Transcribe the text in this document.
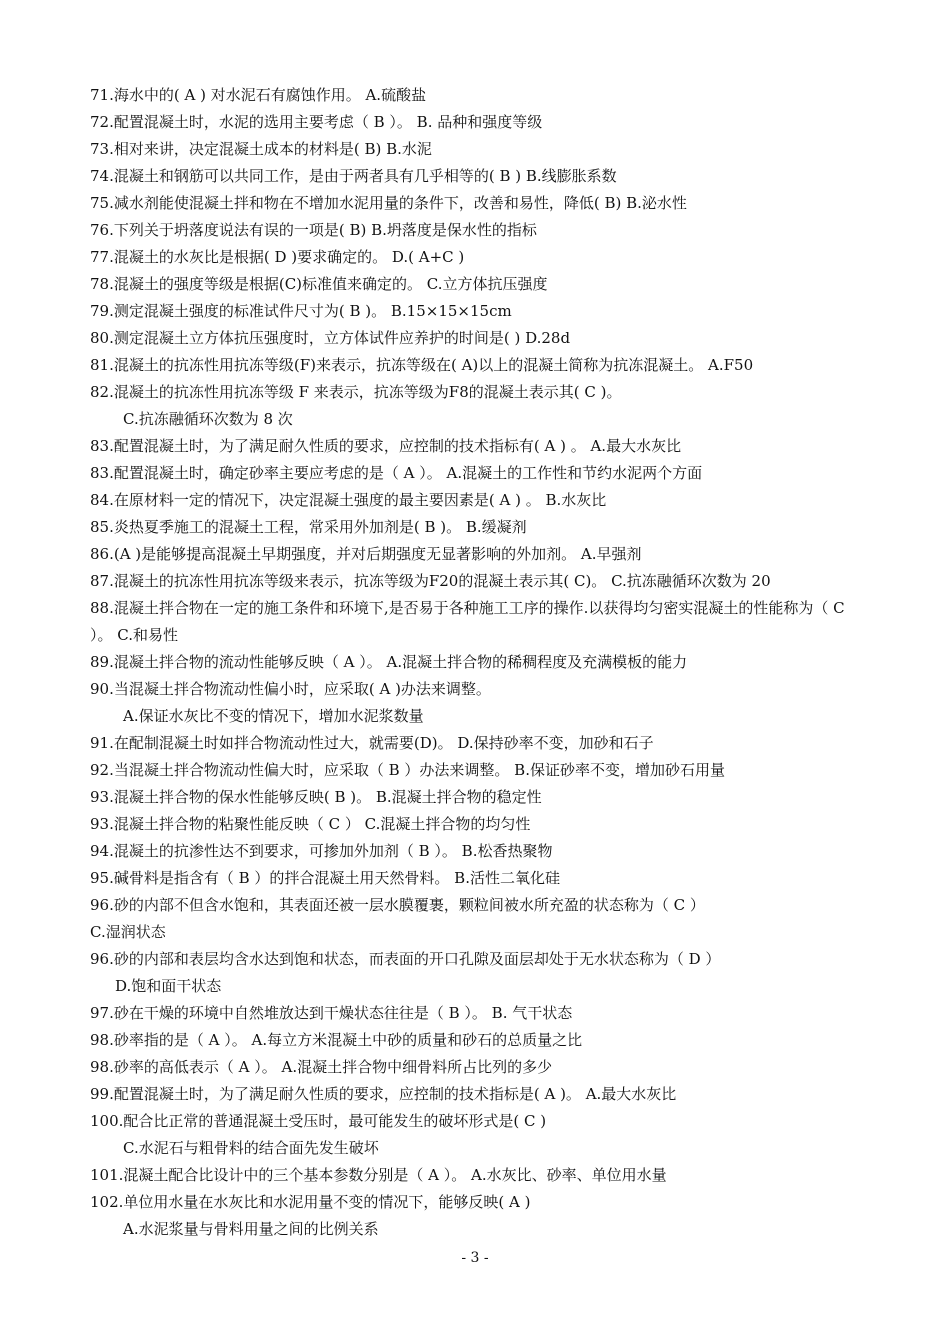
71.海水中的( A ) 对水泥石有腐蚀作用。 A.硫酸盐
72.配置混凝土时，水泥的选用主要考虑（ B ）。 B. 品种和强度等级
73.相对来讲，决定混凝土成本的材料是( B) B.水泥
74.混凝土和钢筋可以共同工作，是由于两者具有几乎相等的( B ) B.线膨胀系数
75.减水剂能使混凝土拌和物在不增加水泥用量的条件下，改善和易性，降低( B) B.泌水性
76.下列关于坍落度说法有误的一项是( B) B.坍落度是保水性的指标
77.混凝土的水灰比是根据( D )要求确定的。 D.( A+C )
78.混凝土的强度等级是根据(C)标准值来确定的。 C.立方体抗压强度
79.测定混凝土强度的标准试件尺寸为( B )。 B.15×15×15cm
80.测定混凝土立方体抗压强度时，立方体试件应养护的时间是( ) D.28d
81.混凝土的抗冻性用抗冻等级(F)来表示，抗冻等级在( A)以上的混凝土简称为抗冻混凝土。 A.F50
82.混凝土的抗冻性用抗冻等级 F 来表示，抗冻等级为F8的混凝土表示其( C )。
C.抗冻融循环次数为 8 次
83.配置混凝土时，为了满足耐久性质的要求，应控制的技术指标有( A ) 。 A.最大水灰比
83.配置混凝土时，确定砂率主要应考虑的是（ A ）。 A.混凝土的工作性和节约水泥两个方面
84.在原材料一定的情况下，决定混凝土强度的最主要因素是( A ) 。 B.水灰比
85.炎热夏季施工的混凝土工程，常采用外加剂是( B )。 B.缓凝剂
86.(A )是能够提高混凝土早期强度，并对后期强度无显著影响的外加剂。 A.早强剂
87.混凝土的抗冻性用抗冻等级来表示，抗冻等级为F20的混凝土表示其( C)。 C.抗冻融循环次数为 20
88.混凝土拌合物在一定的施工条件和环境下,是否易于各种施工工序的操作.以获得均匀密实混凝土的性能称为（ C ）。 C.和易性
89.混凝土拌合物的流动性能够反映（ A ）。 A.混凝土拌合物的稀稠程度及充满模板的能力
90.当混凝土拌合物流动性偏小时，应采取( A )办法来调整。
A.保证水灰比不变的情况下，增加水泥浆数量
91.在配制混凝土时如拌合物流动性过大，就需要(D)。 D.保持砂率不变，加砂和石子
92.当混凝土拌合物流动性偏大时，应采取（ B ）办法来调整。 B.保证砂率不变，增加砂石用量
93.混凝土拌合物的保水性能够反映( B )。 B.混凝土拌合物的稳定性
93.混凝土拌合物的粘聚性能反映（ C ） C.混凝土拌合物的均匀性
94.混凝土的抗渗性达不到要求，可掺加外加剂（ B ）。 B.松香热聚物
95.碱骨料是指含有（ B ）的拌合混凝土用天然骨料。 B.活性二氧化硅
96.砂的内部不但含水饱和，其表面还被一层水膜覆裹，颗粒间被水所充盈的状态称为（ C ）
C.湿润状态
96.砂的内部和表层均含水达到饱和状态，而表面的开口孔隙及面层却处于无水状态称为（ D ）
D.饱和面干状态
97.砂在干燥的环境中自然堆放达到干燥状态往往是（ B ）。 B. 气干状态
98.砂率指的是（ A ）。 A.每立方米混凝土中砂的质量和砂石的总质量之比
98.砂率的高低表示（ A ）。 A.混凝土拌合物中细骨料所占比列的多少
99.配置混凝土时，为了满足耐久性质的要求，应控制的技术指标是( A )。 A.最大水灰比
100.配合比正常的普通混凝土受压时，最可能发生的破坏形式是( C )
C.水泥石与粗骨料的结合面先发生破坏
101.混凝土配合比设计中的三个基本参数分别是（ A ）。 A.水灰比、砂率、单位用水量
102.单位用水量在水灰比和水泥用量不变的情况下，能够反映( A )
A.水泥浆量与骨料用量之间的比例关系
- 3 -
